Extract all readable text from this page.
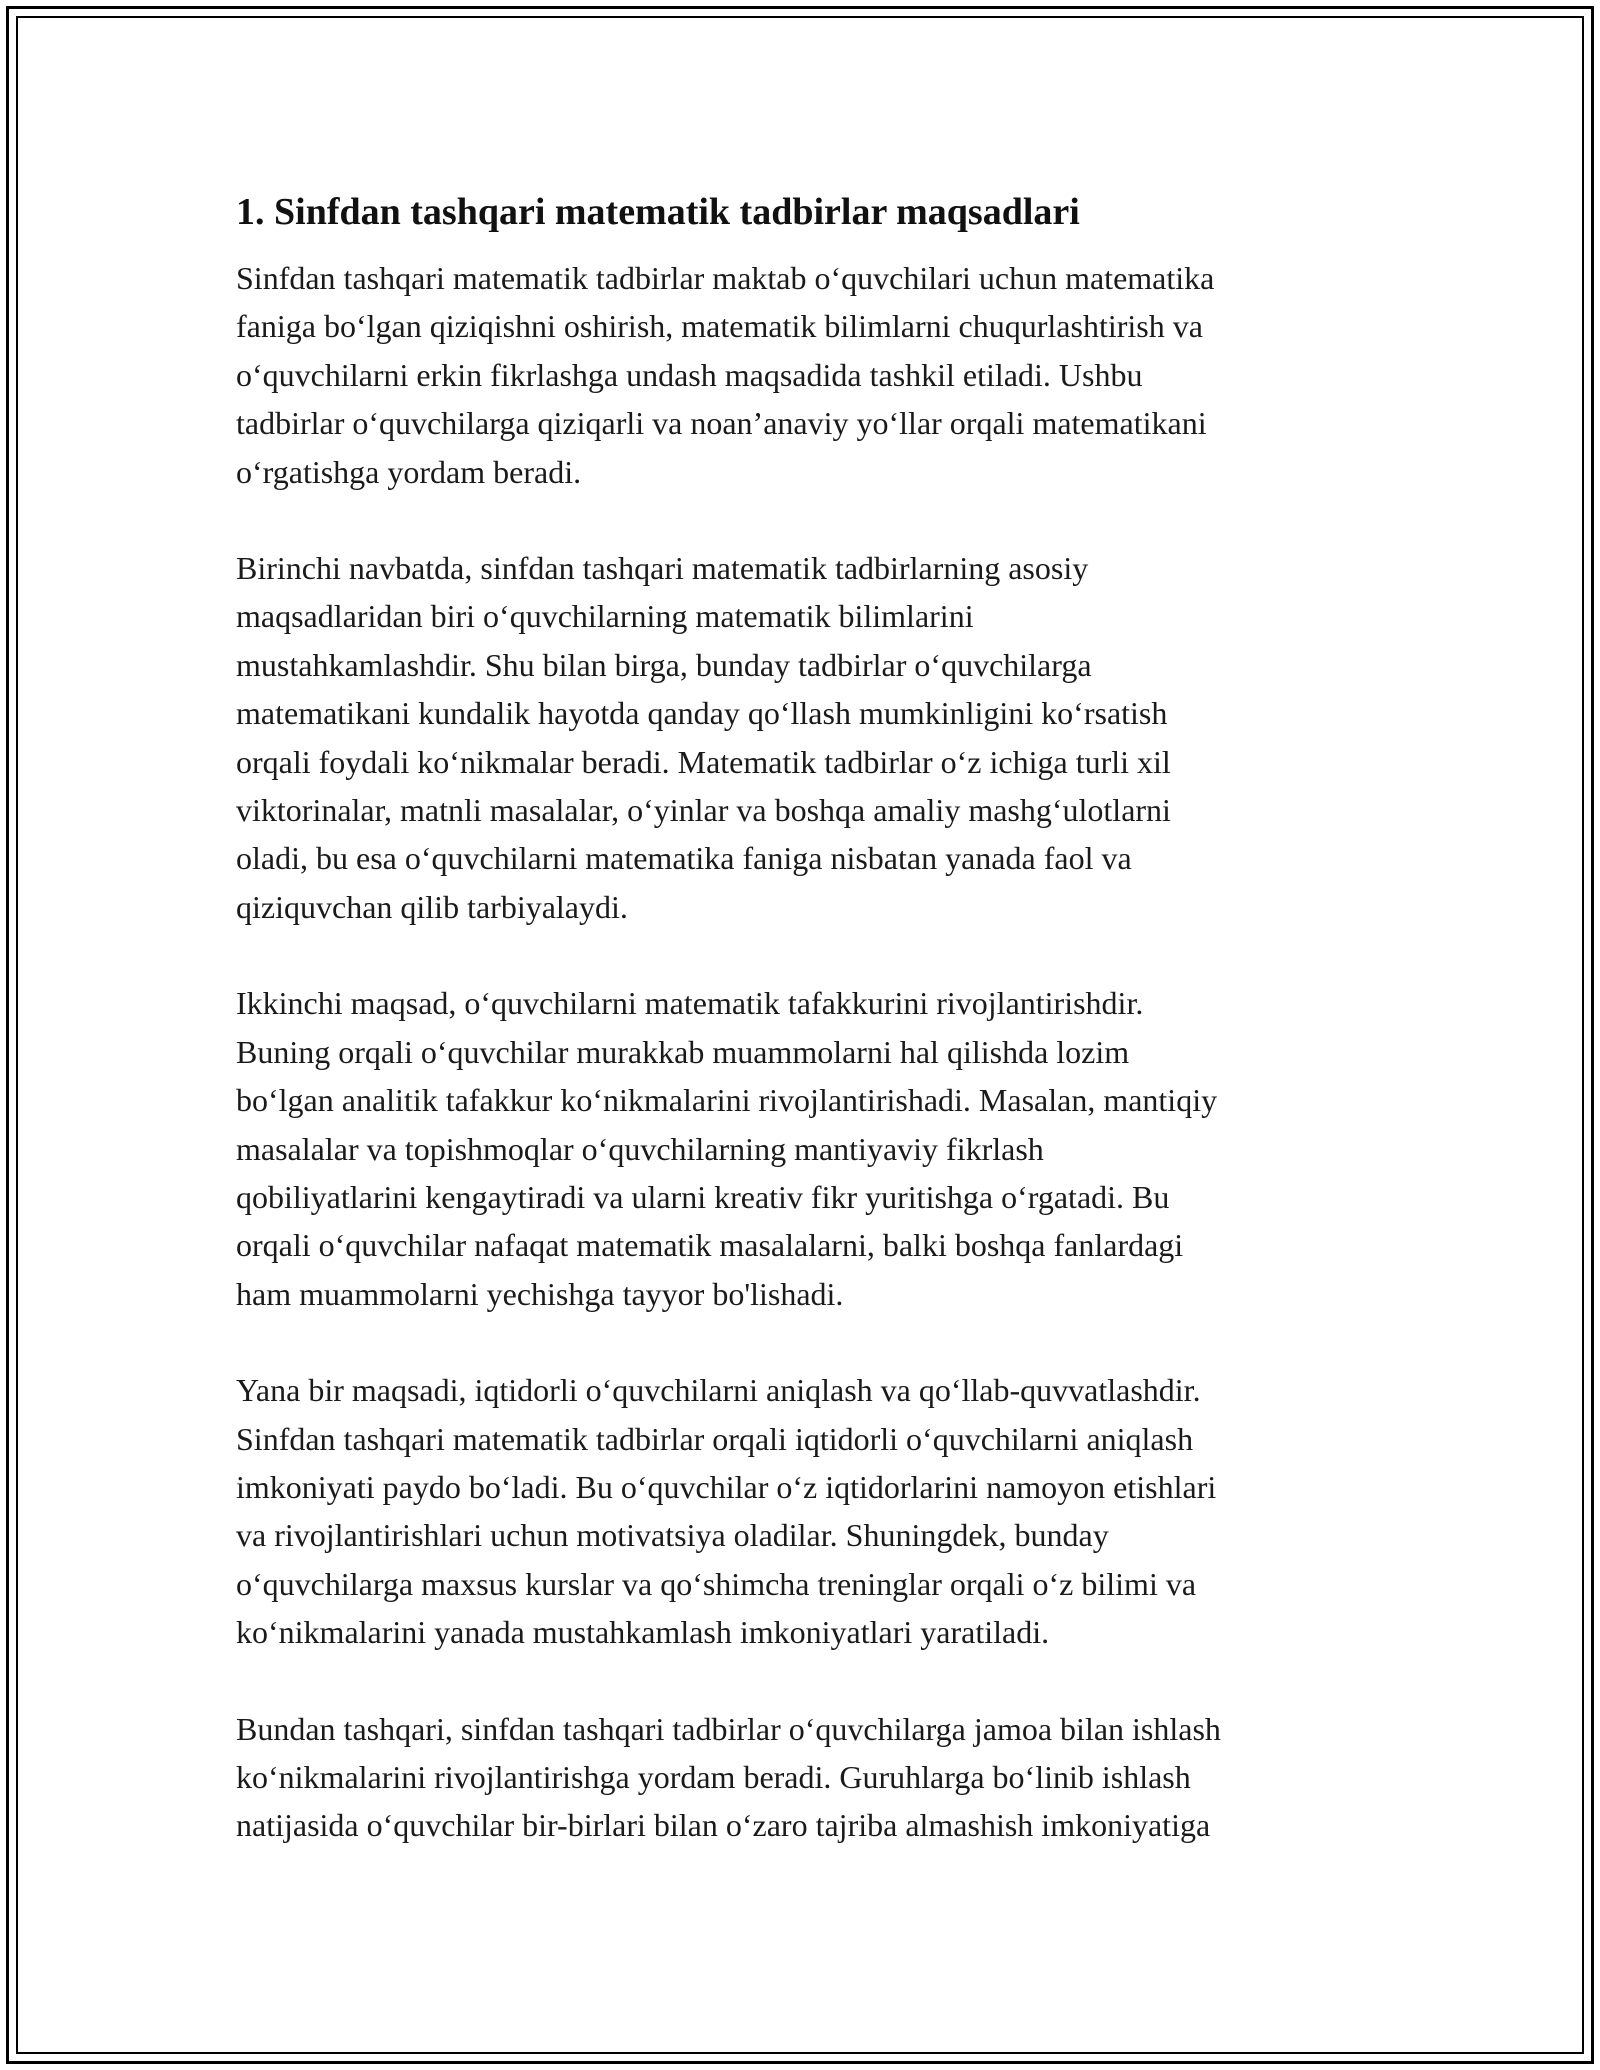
1. Sinfdan tashqari matematik tadbirlar maqsadlari
Sinfdan tashqari matematik tadbirlar maktab o‘quvchilari uchun matematika
faniga bo‘lgan qiziqishni oshirish, matematik bilimlarni chuqurlashtirish va
o‘quvchilarni erkin fikrlashga undash maqsadida tashkil etiladi. Ushbu
tadbirlar o‘quvchilarga qiziqarli va noan’anaviy yo‘llar orqali matematikani
o‘rgatishga yordam beradi.
Birinchi navbatda, sinfdan tashqari matematik tadbirlarning asosiy
maqsadlaridan biri o‘quvchilarning matematik bilimlarini
mustahkamlashdir. Shu bilan birga, bunday tadbirlar o‘quvchilarga
matematikani kundalik hayotda qanday qo‘llash mumkinligini ko‘rsatish
orqali foydali ko‘nikmalar beradi. Matematik tadbirlar o‘z ichiga turli xil
viktorinalar, matnli masalalar, o‘yinlar va boshqa amaliy mashg‘ulotlarni
oladi, bu esa o‘quvchilarni matematika faniga nisbatan yanada faol va
qiziquvchan qilib tarbiyalaydi.
Ikkinchi maqsad, o‘quvchilarni matematik tafakkurini rivojlantirishdir.
Buning orqali o‘quvchilar murakkab muammolarni hal qilishda lozim
bo‘lgan analitik tafakkur ko‘nikmalarini rivojlantirishadi. Masalan, mantiqiy
masalalar va topishmoqlar o‘quvchilarning mantiyaviy fikrlash
qobiliyatlarini kengaytiradi va ularni kreativ fikr yuritishga o‘rgatadi. Bu
orqali o‘quvchilar nafaqat matematik masalalarni, balki boshqa fanlardagi
ham muammolarni yechishga tayyor bo'lishadi.
Yana bir maqsadi, iqtidorli o‘quvchilarni aniqlash va qo‘llab-quvvatlashdir.
Sinfdan tashqari matematik tadbirlar orqali iqtidorli o‘quvchilarni aniqlash
imkoniyati paydo bo‘ladi. Bu o‘quvchilar o‘z iqtidorlarini namoyon etishlari
va rivojlantirishlari uchun motivatsiya oladilar. Shuningdek, bunday
o‘quvchilarga maxsus kurslar va qo‘shimcha treninglar orqali o‘z bilimi va
ko‘nikmalarini yanada mustahkamlash imkoniyatlari yaratiladi.
Bundan tashqari, sinfdan tashqari tadbirlar o‘quvchilarga jamoa bilan ishlash
ko‘nikmalarini rivojlantirishga yordam beradi. Guruhlarga bo‘linib ishlash
natijasida o‘quvchilar bir-birlari bilan o‘zaro tajriba almashish imkoniyatiga
